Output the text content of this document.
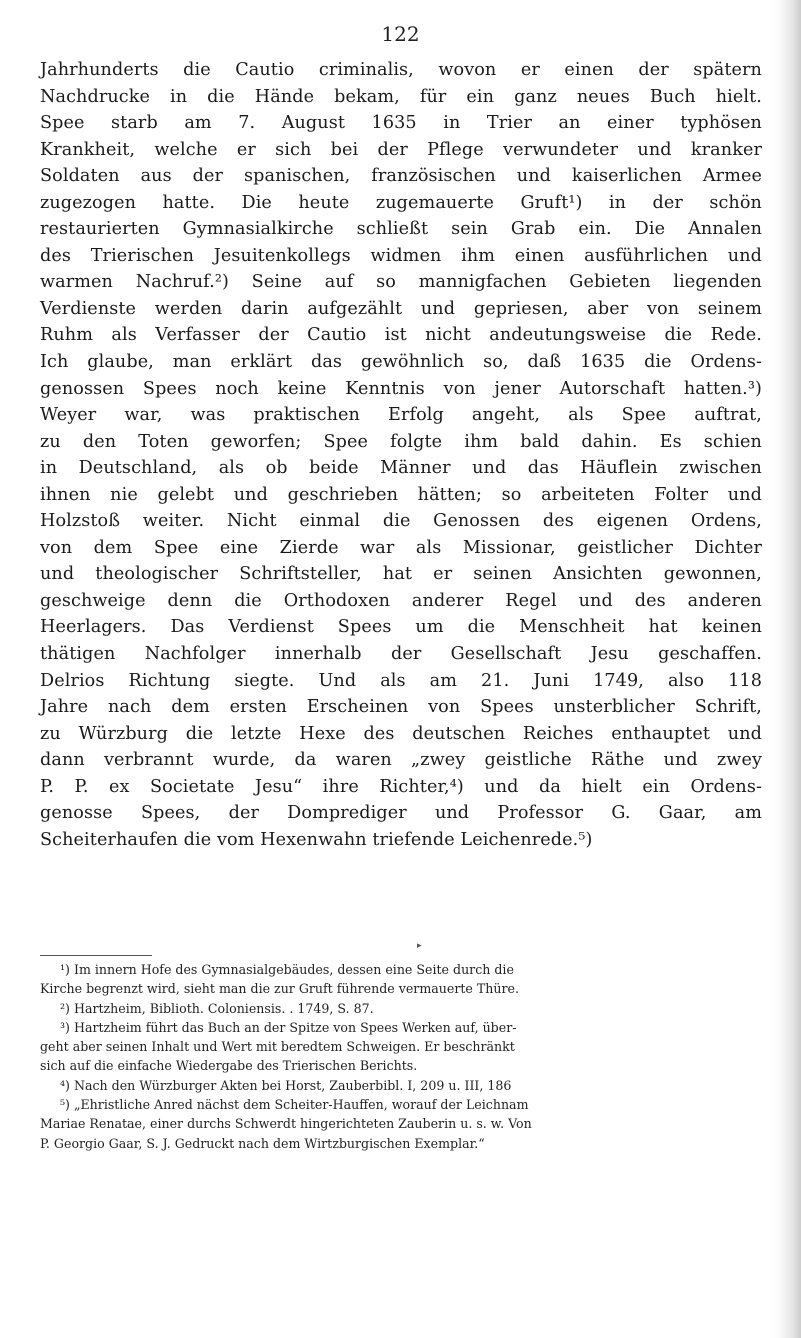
122

Jahrhunderts die Cautio criminalis, wovon er einen der spätern
Nachdrucke in die Hände bekam, für ein ganz neues Buch hielt.
Spee starb am 7. August 1635 in Trier an einer typhösen
Krankheit, welche er sich bei der Pflege verwundeter und kranker
Soldaten aus der spanischen, französischen und kaiserlichen Armee
zugezogen hatte. Die heute zugemauerte Gruft¹) in der schön
restaurierten Gymnasialkirche schließt sein Grab ein. Die Annalen
des Trierischen Jesuitenkollegs widmen ihm einen ausführlichen und
warmen Nachruf.²) Seine auf so mannigfachen Gebieten liegenden
Verdienste werden darin aufgezählt und gepriesen, aber von seinem
Ruhm als Verfasser der Cautio ist nicht andeutungsweise die Rede.
Ich glaube, man erklärt das gewöhnlich so, daß 1635 die Ordens-
genossen Spees noch keine Kenntnis von jener Autorschaft hatten.³)
Weyer war, was praktischen Erfolg angeht, als Spee auftrat,
zu den Toten geworfen; Spee folgte ihm bald dahin. Es schien
in Deutschland, als ob beide Männer und das Häuflein zwischen
ihnen nie gelebt und geschrieben hätten; so arbeiteten Folter und
Holzstoß weiter. Nicht einmal die Genossen des eigenen Ordens,
von dem Spee eine Zierde war als Missionar, geistlicher Dichter
und theologischer Schriftsteller, hat er seinen Ansichten gewonnen,
geschweige denn die Orthodoxen anderer Regel und des anderen
Heerlagers. Das Verdienst Spees um die Menschheit hat keinen
thätigen Nachfolger innerhalb der Gesellschaft Jesu geschaffen.
Delrios Richtung siegte. Und als am 21. Juni 1749, also 118
Jahre nach dem ersten Erscheinen von Spees unsterblicher Schrift,
zu Würzburg die letzte Hexe des deutschen Reiches enthauptet und
dann verbrannt wurde, da waren „zwey geistliche Räthe und zwey
P. P. ex Societate Jesu“ ihre Richter,⁴) und da hielt ein Ordens-
genosse Spees, der Domprediger und Professor G. Gaar, am
Scheiterhaufen die vom Hexenwahn triefende Leichenrede.⁵)

▸
¹) Im innern Hofe des Gymnasialgebäudes, dessen eine Seite durch die
Kirche begrenzt wird, sieht man die zur Gruft führende vermauerte Thüre.
²) Hartzheim, Biblioth. Coloniensis. . 1749, S. 87.
³) Hartzheim führt das Buch an der Spitze von Spees Werken auf, über-
geht aber seinen Inhalt und Wert mit beredtem Schweigen. Er beschränkt
sich auf die einfache Wiedergabe des Trierischen Berichts.
⁴) Nach den Würzburger Akten bei Horst, Zauberbibl. I, 209 u. III, 186
⁵) „Ehristliche Anred nächst dem Scheiter-Hauffen, worauf der Leichnam
Mariae Renatae, einer durchs Schwerdt hingerichteten Zauberin u. s. w. Von
P. Georgio Gaar, S. J. Gedruckt nach dem Wirtzburgischen Exemplar.“
